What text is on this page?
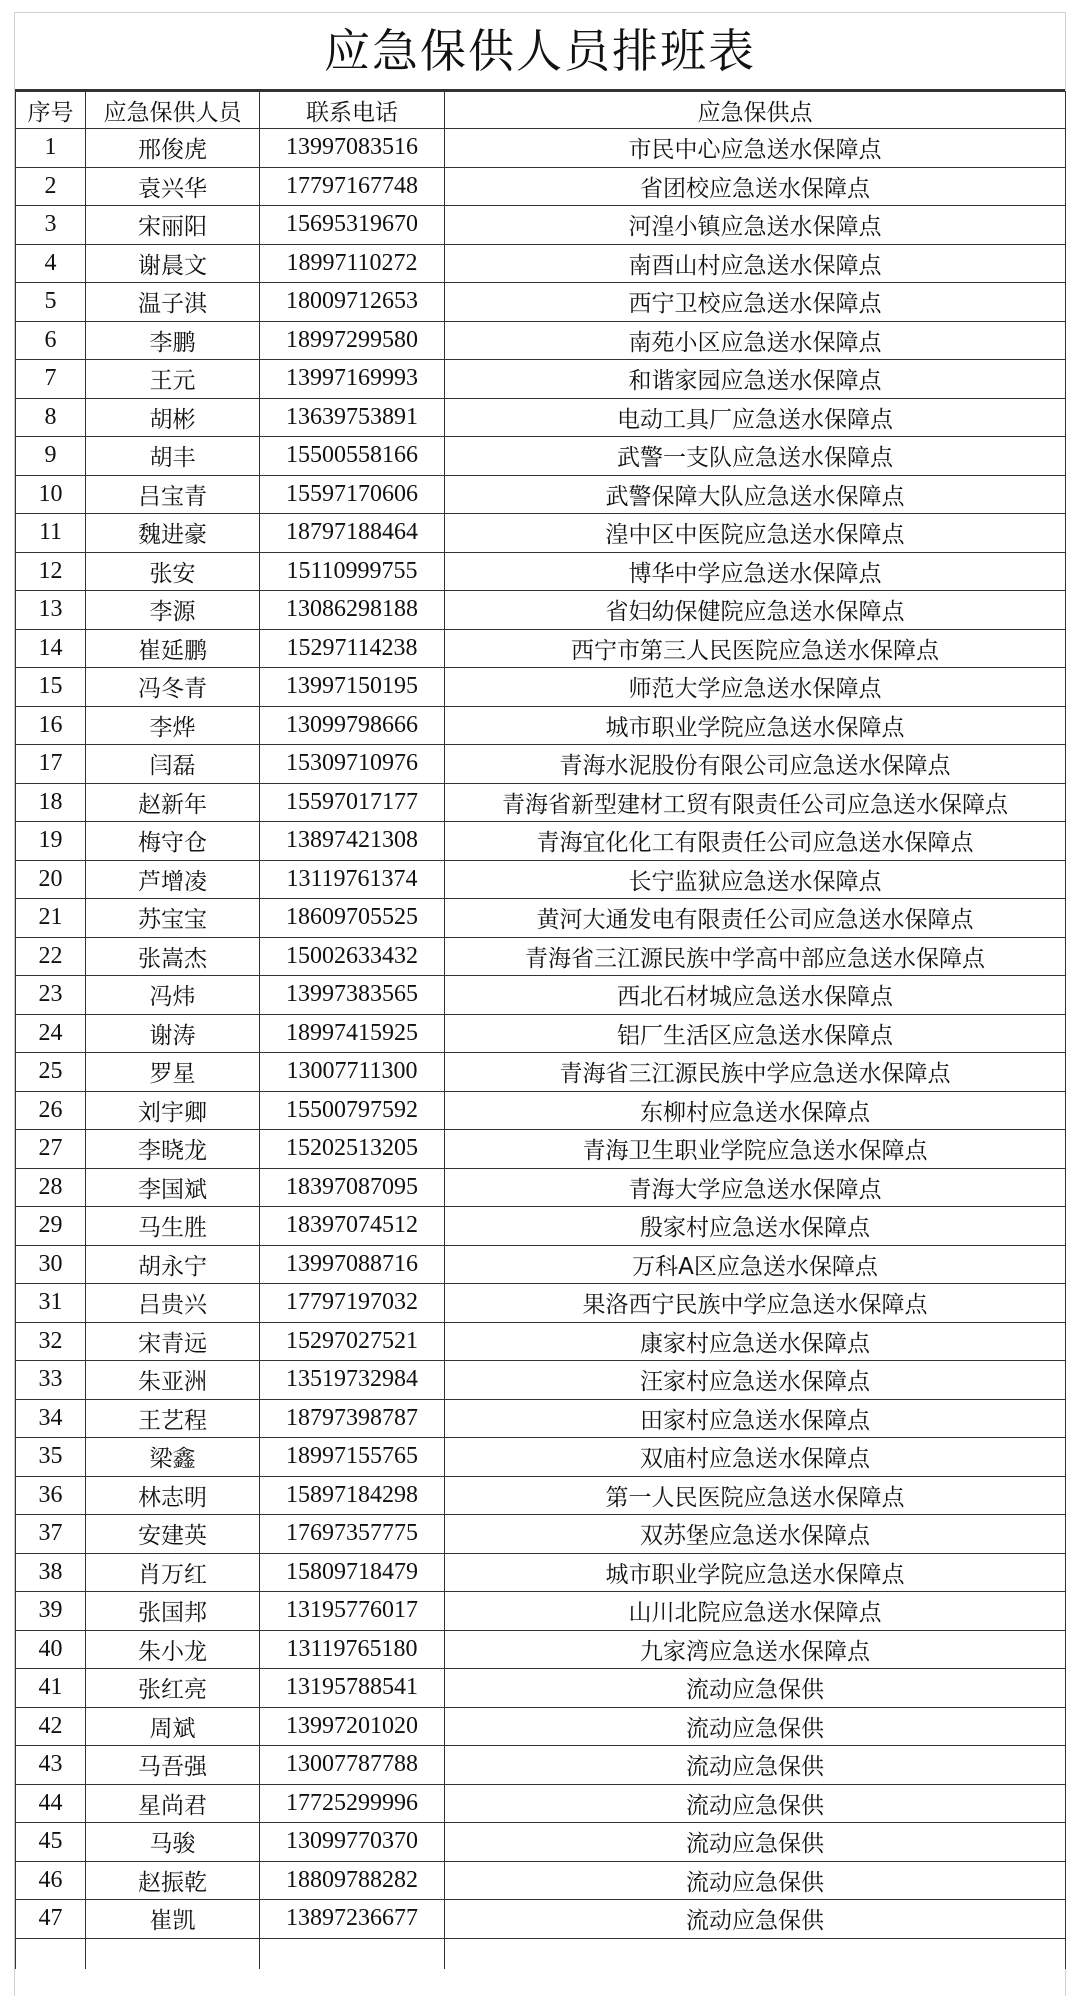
应急保供人员排班表
序号	应急保供人员	联系电话	应急保供点
1	邢俊虎	13997083516	市民中心应急送水保障点
2	袁兴华	17797167748	省团校应急送水保障点
3	宋丽阳	15695319670	河湟小镇应急送水保障点
4	谢晨文	18997110272	南酉山村应急送水保障点
5	温子淇	18009712653	西宁卫校应急送水保障点
6	李鹏	18997299580	南苑小区应急送水保障点
7	王元	13997169993	和谐家园应急送水保障点
8	胡彬	13639753891	电动工具厂应急送水保障点
9	胡丰	15500558166	武警一支队应急送水保障点
10	吕宝青	15597170606	武警保障大队应急送水保障点
11	魏进豪	18797188464	湟中区中医院应急送水保障点
12	张安	15110999755	博华中学应急送水保障点
13	李源	13086298188	省妇幼保健院应急送水保障点
14	崔延鹏	15297114238	西宁市第三人民医院应急送水保障点
15	冯冬青	13997150195	师范大学应急送水保障点
16	李烨	13099798666	城市职业学院应急送水保障点
17	闫磊	15309710976	青海水泥股份有限公司应急送水保障点
18	赵新年	15597017177	青海省新型建材工贸有限责任公司应急送水保障点
19	梅守仓	13897421308	青海宜化化工有限责任公司应急送水保障点
20	芦增凌	13119761374	长宁监狱应急送水保障点
21	苏宝宝	18609705525	黄河大通发电有限责任公司应急送水保障点
22	张嵩杰	15002633432	青海省三江源民族中学高中部应急送水保障点
23	冯炜	13997383565	西北石材城应急送水保障点
24	谢涛	18997415925	铝厂生活区应急送水保障点
25	罗星	13007711300	青海省三江源民族中学应急送水保障点
26	刘宇卿	15500797592	东柳村应急送水保障点
27	李晓龙	15202513205	青海卫生职业学院应急送水保障点
28	李国斌	18397087095	青海大学应急送水保障点
29	马生胜	18397074512	殷家村应急送水保障点
30	胡永宁	13997088716	万科A区应急送水保障点
31	吕贵兴	17797197032	果洛西宁民族中学应急送水保障点
32	宋青远	15297027521	康家村应急送水保障点
33	朱亚洲	13519732984	汪家村应急送水保障点
34	王艺程	18797398787	田家村应急送水保障点
35	梁鑫	18997155765	双庙村应急送水保障点
36	林志明	15897184298	第一人民医院应急送水保障点
37	安建英	17697357775	双苏堡应急送水保障点
38	肖万红	15809718479	城市职业学院应急送水保障点
39	张国邦	13195776017	山川北院应急送水保障点
40	朱小龙	13119765180	九家湾应急送水保障点
41	张红亮	13195788541	流动应急保供
42	周斌	13997201020	流动应急保供
43	马吾强	13007787788	流动应急保供
44	星尚君	17725299996	流动应急保供
45	马骏	13099770370	流动应急保供
46	赵振乾	18809788282	流动应急保供
47	崔凯	13897236677	流动应急保供
